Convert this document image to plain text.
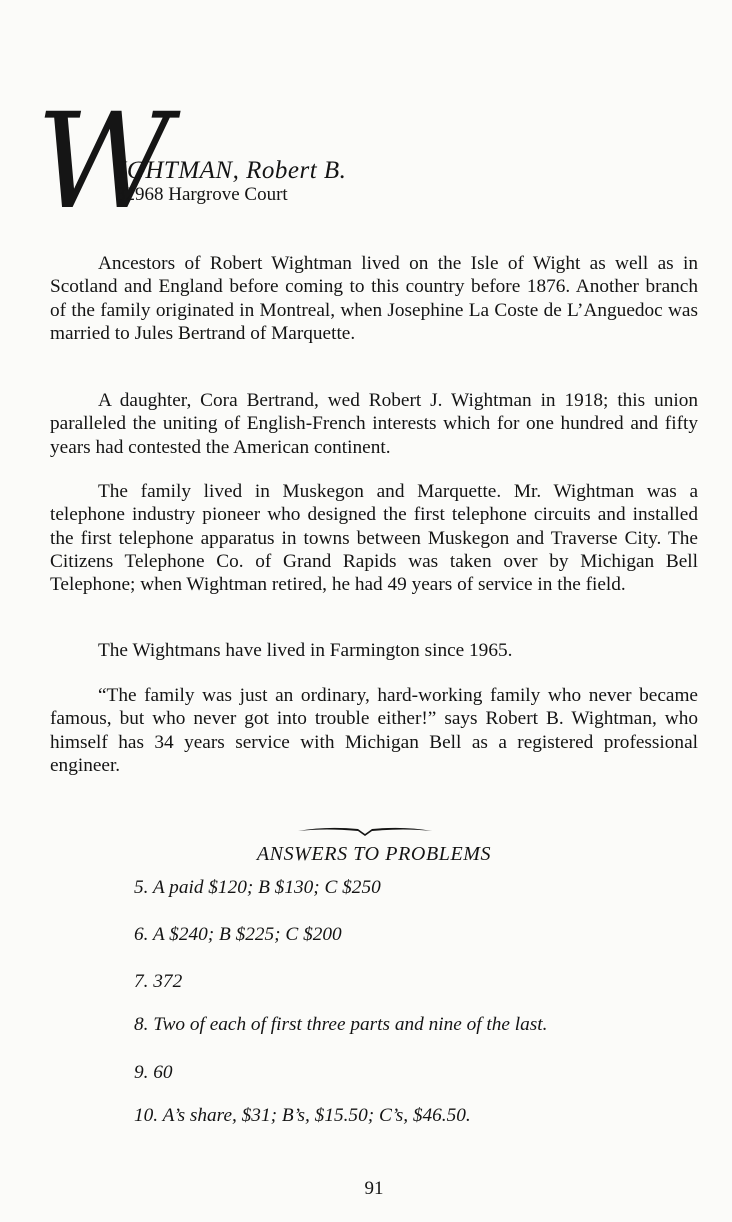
W
IGHTMAN, Robert B.
32968 Hargrove Court

Ancestors of Robert Wightman lived on the Isle of Wight as well as in Scotland and England before coming to this country before 1876. Another branch of the family originated in Montreal, when Josephine La Coste de L’Anguedoc was married to Jules Bertrand of Marquette.

A daughter, Cora Bertrand, wed Robert J. Wightman in 1918; this union paralleled the uniting of English-French interests which for one hundred and fifty years had contested the American continent.

The family lived in Muskegon and Marquette. Mr. Wightman was a telephone industry pioneer who designed the first telephone circuits and installed the first telephone apparatus in towns between Muskegon and Traverse City. The Citizens Telephone Co. of Grand Rapids was taken over by Michigan Bell Telephone; when Wightman retired, he had 49 years of service in the field.

The Wightmans have lived in Farmington since 1965.

“The family was just an ordinary, hard-working family who never became famous, but who never got into trouble either!” says Robert B. Wightman, who himself has 34 years service with Michigan Bell as a registered professional engineer.

ANSWERS TO PROBLEMS
5. A paid $120; B $130; C $250
6. A $240; B $225; C $200
7. 372
8. Two of each of first three parts and nine of the last.
9. 60
10. A’s share, $31; B’s, $15.50; C’s, $46.50.
91
